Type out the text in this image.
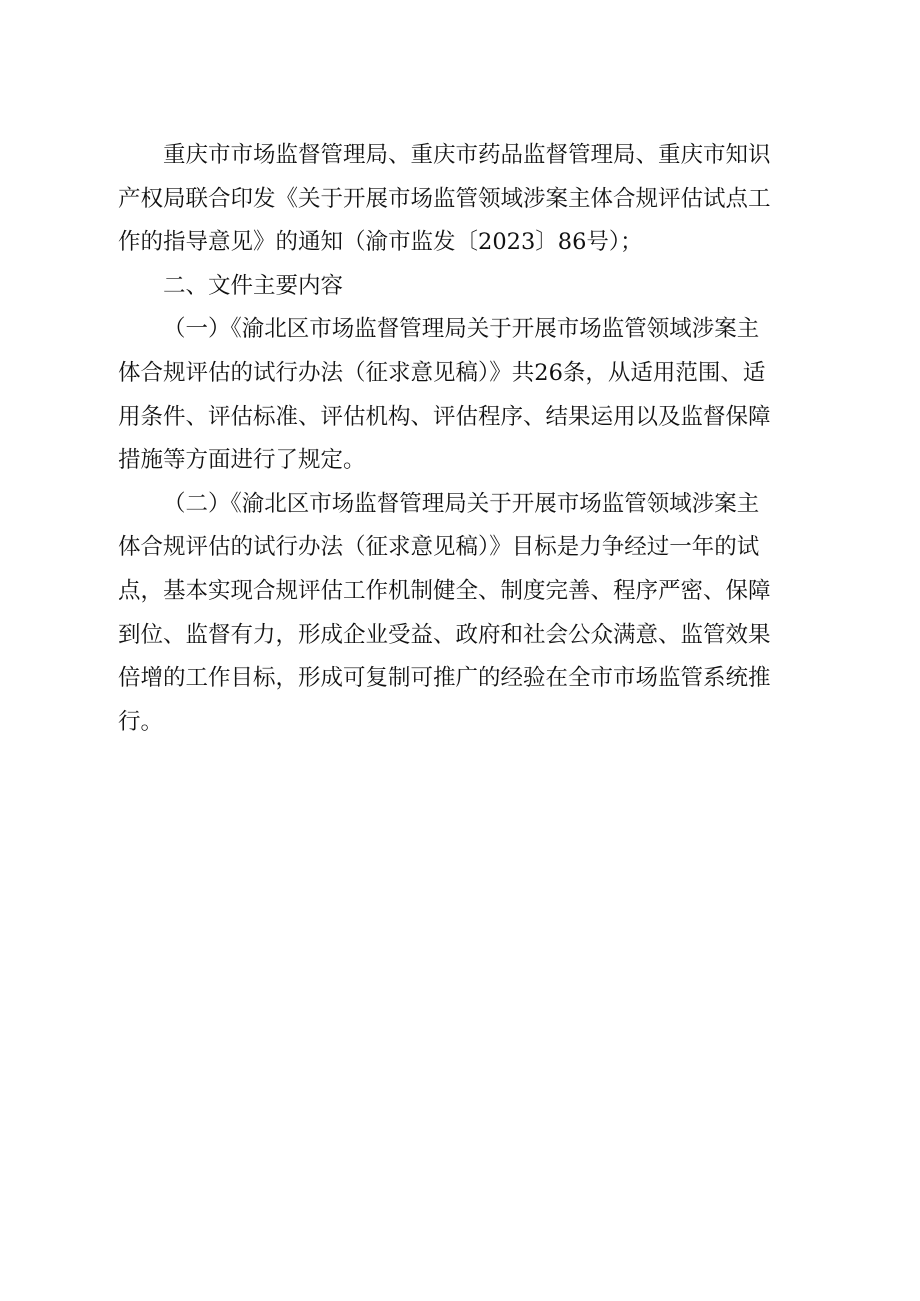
重庆市市场监督管理局、重庆市药品监督管理局、重庆市知识
产权局联合印发《关于开展市场监管领域涉案主体合规评估试点工
作的指导意见》的通知（渝市监发〔2023〕86号）；
二、文件主要内容
（一）《渝北区市场监督管理局关于开展市场监管领域涉案主
体合规评估的试行办法（征求意见稿）》共26条，从适用范围、适
用条件、评估标准、评估机构、评估程序、结果运用以及监督保障
措施等方面进行了规定。
（二）《渝北区市场监督管理局关于开展市场监管领域涉案主
体合规评估的试行办法（征求意见稿）》目标是力争经过一年的试
点，基本实现合规评估工作机制健全、制度完善、程序严密、保障
到位、监督有力，形成企业受益、政府和社会公众满意、监管效果
倍增的工作目标，形成可复制可推广的经验在全市市场监管系统推
行。
